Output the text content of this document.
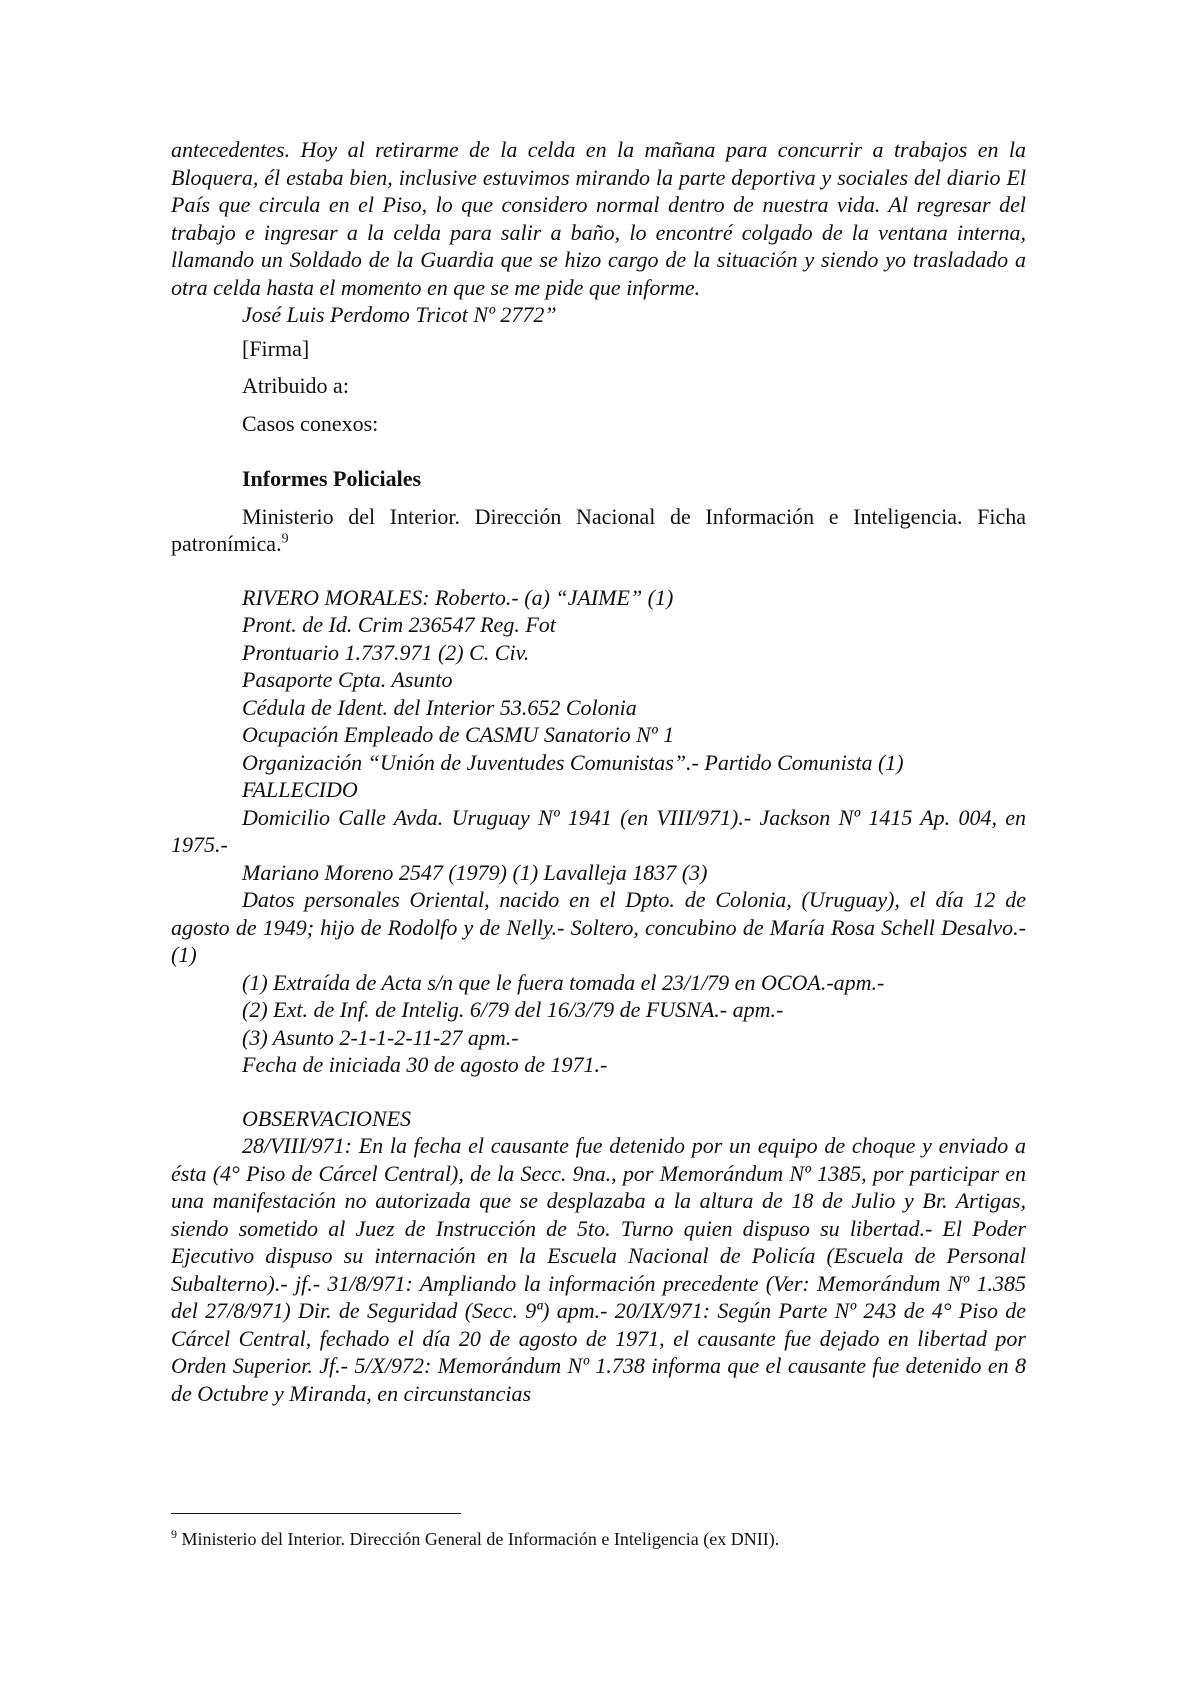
antecedentes. Hoy al retirarme de la celda en la mañana para concurrir a trabajos en la Bloquera, él estaba bien, inclusive estuvimos mirando la parte deportiva y sociales del diario El País que circula en el Piso, lo que considero normal dentro de nuestra vida. Al regresar del trabajo e ingresar a la celda para salir a baño, lo encontré colgado de la ventana interna, llamando un Soldado de la Guardia que se hizo cargo de la situación y siendo yo trasladado a otra celda hasta el momento en que se me pide que informe.
José Luis Perdomo Tricot Nº 2772”
[Firma]
Atribuido a:
Casos conexos:
Informes Policiales
Ministerio del Interior. Dirección Nacional de Información e Inteligencia. Ficha patronímica.$^9$
RIVERO MORALES: Roberto.- (a) “JAIME” (1)
Pront. de Id. Crim 236547 Reg. Fot
Prontuario 1.737.971 (2) C. Civ.
Pasaporte Cpta. Asunto
Cédula de Ident. del Interior 53.652 Colonia
Ocupación Empleado de CASMU Sanatorio Nº 1
Organización “Unión de Juventudes Comunistas”.- Partido Comunista (1)
FALLECIDO
Domicilio Calle Avda. Uruguay Nº 1941 (en VIII/971).- Jackson Nº 1415 Ap. 004, en 1975.-
Mariano Moreno 2547 (1979) (1) Lavalleja 1837 (3)
Datos personales Oriental, nacido en el Dpto. de Colonia, (Uruguay), el día 12 de agosto de 1949; hijo de Rodolfo y de Nelly.- Soltero, concubino de María Rosa Schell Desalvo.- (1)
(1) Extraída de Acta s/n que le fuera tomada el 23/1/79 en OCOA.-apm.-
(2) Ext. de Inf. de Intelig. 6/79 del 16/3/79 de FUSNA.- apm.-
(3) Asunto 2-1-1-2-11-27 apm.-
Fecha de iniciada 30 de agosto de 1971.-
OBSERVACIONES
28/VIII/971: En la fecha el causante fue detenido por un equipo de choque y enviado a ésta (4° Piso de Cárcel Central), de la Secc. 9na., por Memorándum Nº 1385, por participar en una manifestación no autorizada que se desplazaba a la altura de 18 de Julio y Br. Artigas, siendo sometido al Juez de Instrucción de 5to. Turno quien dispuso su libertad.- El Poder Ejecutivo dispuso su internación en la Escuela Nacional de Policía (Escuela de Personal Subalterno).- jf.- 31/8/971: Ampliando la información precedente (Ver: Memorándum Nº 1.385 del 27/8/971) Dir. de Seguridad (Secc. 9ª) apm.- 20/IX/971: Según Parte Nº 243 de 4° Piso de Cárcel Central, fechado el día 20 de agosto de 1971, el causante fue dejado en libertad por Orden Superior. Jf.- 5/X/972: Memorándum Nº 1.738 informa que el causante fue detenido en 8 de Octubre y Miranda, en circunstancias
$^9$ Ministerio del Interior. Dirección General de Información e Inteligencia (ex DNII).
